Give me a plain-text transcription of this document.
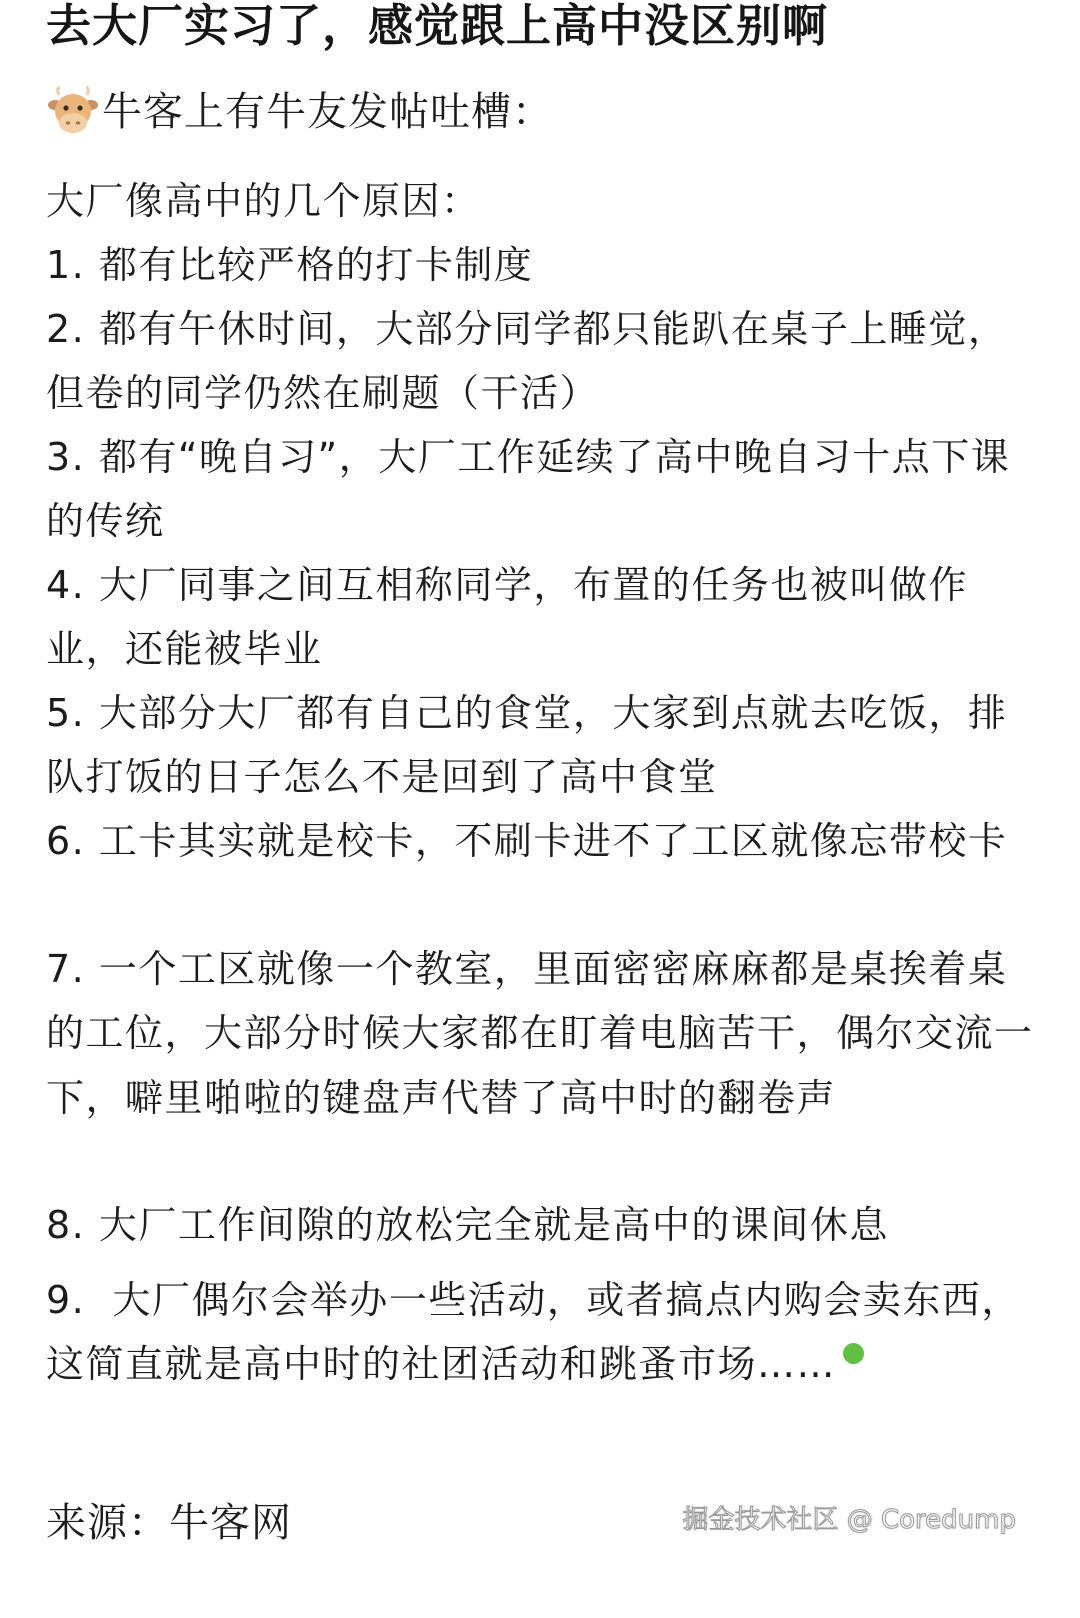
去大厂实习了，感觉跟上高中没区别啊
牛客上有牛友发帖吐槽：
大厂像高中的几个原因：
1. 都有比较严格的打卡制度
2. 都有午休时间，大部分同学都只能趴在桌子上睡觉，但卷的同学仍然在刷题（干活）
3. 都有“晚自习”，大厂工作延续了高中晚自习十点下课的传统
4. 大厂同事之间互相称同学，布置的任务也被叫做作业，还能被毕业
5. 大部分大厂都有自己的食堂，大家到点就去吃饭，排队打饭的日子怎么不是回到了高中食堂
6. 工卡其实就是校卡，不刷卡进不了工区就像忘带校卡
7. 一个工区就像一个教室，里面密密麻麻都是桌挨着桌的工位，大部分时候大家都在盯着电脑苦干，偶尔交流一下，噼里啪啦的键盘声代替了高中时的翻卷声
8. 大厂工作间隙的放松完全就是高中的课间休息
9.  大厂偶尔会举办一些活动，或者搞点内购会卖东西，这简直就是高中时的社团活动和跳蚤市场……
来源：牛客网	掘金技术社区 @ Coredump
